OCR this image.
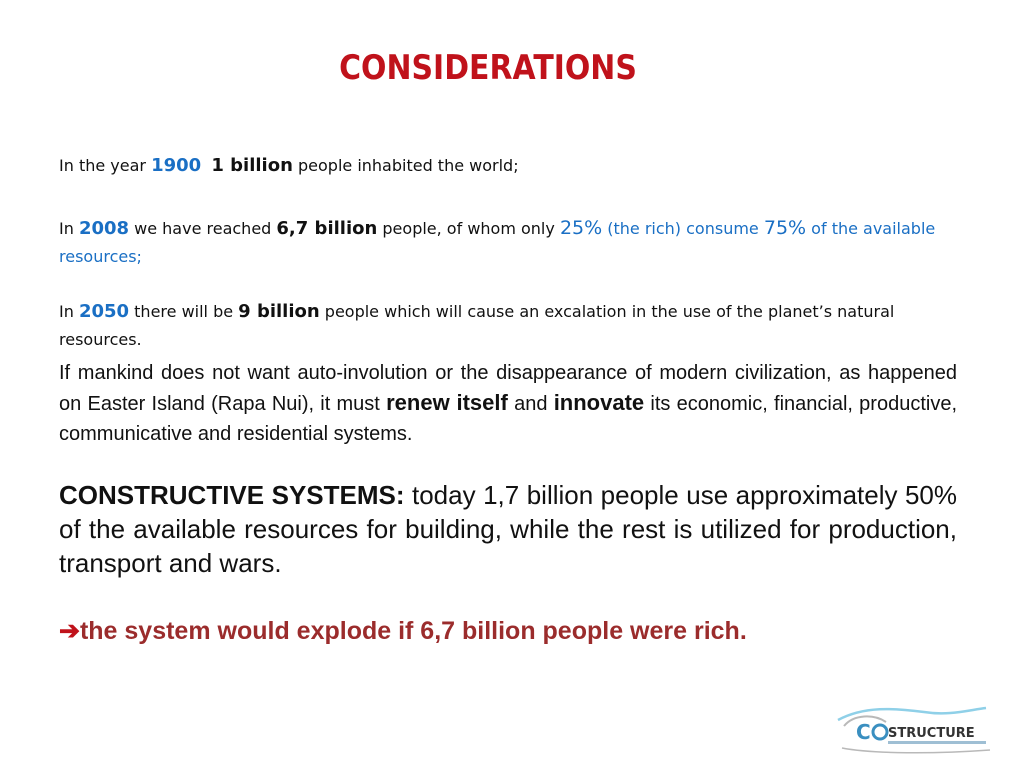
CONSIDERATIONS
In the year 1900 1 billion people inhabited the world;
In 2008 we have reached 6,7 billion people, of whom only 25% (the rich) consume 75% of the available resources;
In 2050 there will be 9 billion people which will cause an excalation in the use of the planet’s natural resources.
If mankind does not want auto-involution or the disappearance of modern civilization, as happened on Easter Island (Rapa Nui), it must renew itself and innovate its economic, financial, productive, communicative and residential systems.
CONSTRUCTIVE SYSTEMS: today 1,7 billion people use approximately 50% of the available resources for building, while the rest is utilized for production, transport and wars.
➔the system would explode if 6,7 billion people were rich.
C STRUCTURE
